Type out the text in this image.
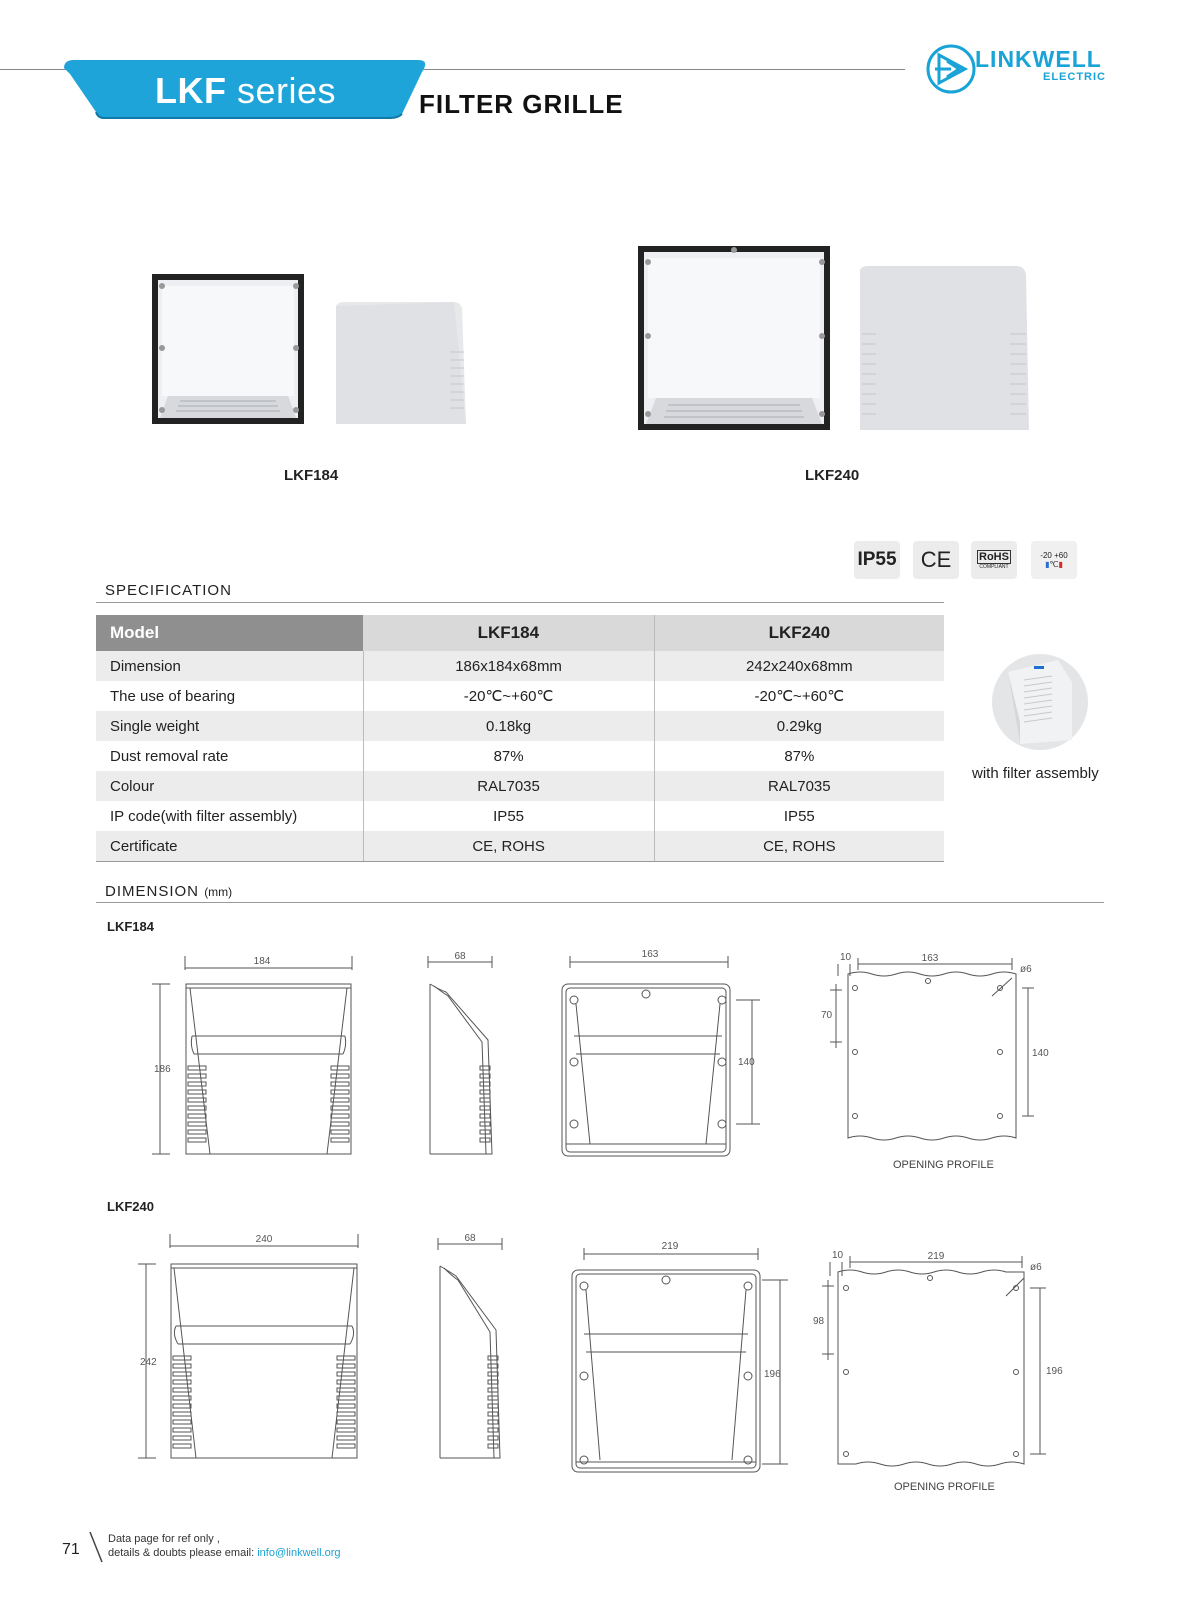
LKF series	FILTER GRILLE
LINKWELL
ELECTRIC
LKF184	LKF240
IP55	CE	RoHS
COMPLIANT
-20 +60
▮℃▮
SPECIFICATION
Model	LKF184	LKF240
Dimension	186x184x68mm	242x240x68mm
The use of bearing	-20℃~+60℃	-20℃~+60℃
Single weight	0.18kg	0.29kg
Dust removal rate	87%	87%
Colour	RAL7035	RAL7035
IP code(with filter assembly)	IP55	IP55
Certificate	CE, ROHS	CE, ROHS
with filter assembly
DIMENSION (mm)
LKF184
184
186
68	163
140
10	163
ø6
70
140
OPENING PROFILE
LKF240
240
242
68
219
196
10	219
ø6
98
196
OPENING PROFILE
71
Data page for ref only ,
details & doubts please email: info@linkwell.org
